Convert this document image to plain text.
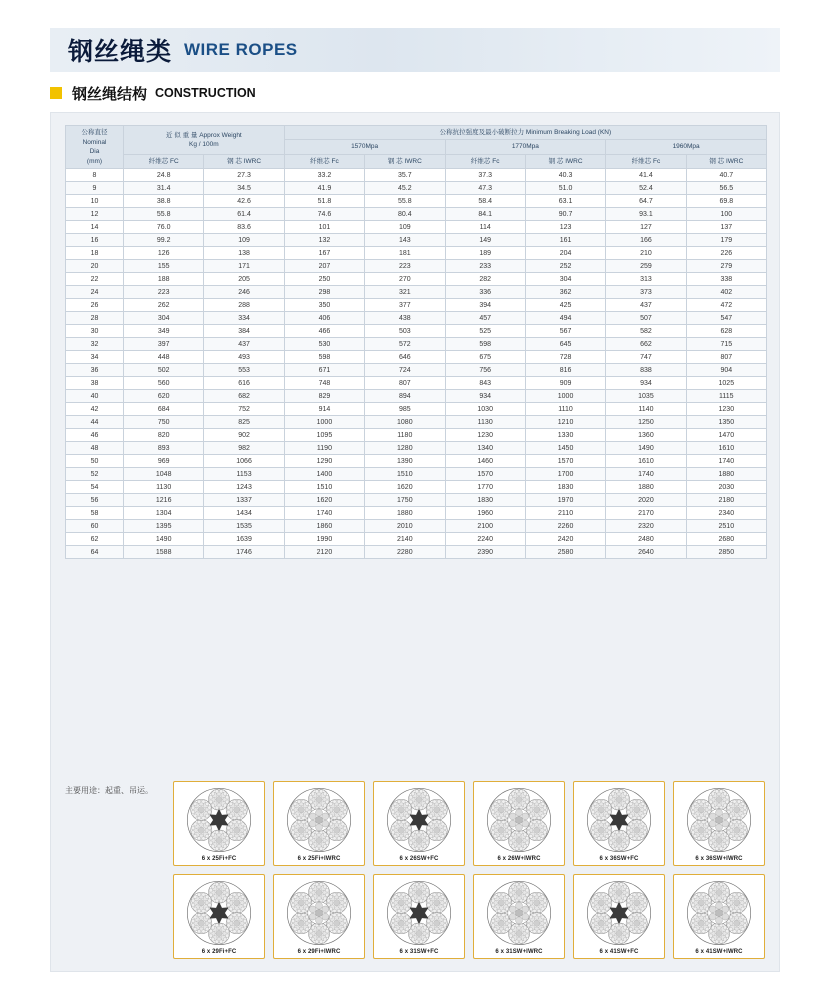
钢丝绳类 WIRE ROPES
钢丝绳结构 CONSTRUCTION
公称直径
Nominal
Dia
(mm)

近 似 重 量 Approx Weight
Kg / 100m
	公称抗拉强度及最小破断拉力 Minimum Breaking Load (KN)
			1570Mpa		1770Mpa		1960Mpa	
	纤维芯 FC	钢 芯 IWRC	纤维芯 Fc	钢 芯 IWRC	纤维芯 Fc	钢 芯 IWRC	纤维芯 Fc	钢 芯 IWRC
8	24.8	27.3	33.2	35.7	37.3	40.3	41.4	40.7
9	31.4	34.5	41.9	45.2	47.3	51.0	52.4	56.5
10	38.8	42.6	51.8	55.8	58.4	63.1	64.7	69.8
12	55.8	61.4	74.6	80.4	84.1	90.7	93.1	100
14	76.0	83.6	101	109	114	123	127	137
16	99.2	109	132	143	149	161	166	179
18	126	138	167	181	189	204	210	226
20	155	171	207	223	233	252	259	279
22	188	205	250	270	282	304	313	338
24	223	246	298	321	336	362	373	402
26	262	288	350	377	394	425	437	472
28	304	334	406	438	457	494	507	547
30	349	384	466	503	525	567	582	628
32	397	437	530	572	598	645	662	715
34	448	493	598	646	675	728	747	807
36	502	553	671	724	756	816	838	904
38	560	616	748	807	843	909	934	1025
40	620	682	829	894	934	1000	1035	1115
42	684	752	914	985	1030	1110	1140	1230
44	750	825	1000	1080	1130	1210	1250	1350
46	820	902	1095	1180	1230	1330	1360	1470
48	893	982	1190	1280	1340	1450	1490	1610
50	969	1066	1290	1390	1460	1570	1610	1740
52	1048	1153	1400	1510	1570	1700	1740	1880
54	1130	1243	1510	1620	1770	1830	1880	2030
56	1216	1337	1620	1750	1830	1970	2020	2180
58	1304	1434	1740	1880	1960	2110	2170	2340
60	1395	1535	1860	2010	2100	2260	2320	2510
62	1490	1639	1990	2140	2240	2420	2480	2680
64	1588	1746	2120	2280	2390	2580	2640	2850
主要用途：起重、吊运。
6 x 25Fi+FC	6 x 25Fi+IWRC	6 x 26SW+FC	6 x 26W+IWRC	6 x 36SW+FC	6 x 36SW+IWRC
6 x 29Fi+FC	6 x 29Fi+IWRC	6 x 31SW+FC	6 x 31SW+IWRC	6 x 41SW+FC	6 x 41SW+IWRC
